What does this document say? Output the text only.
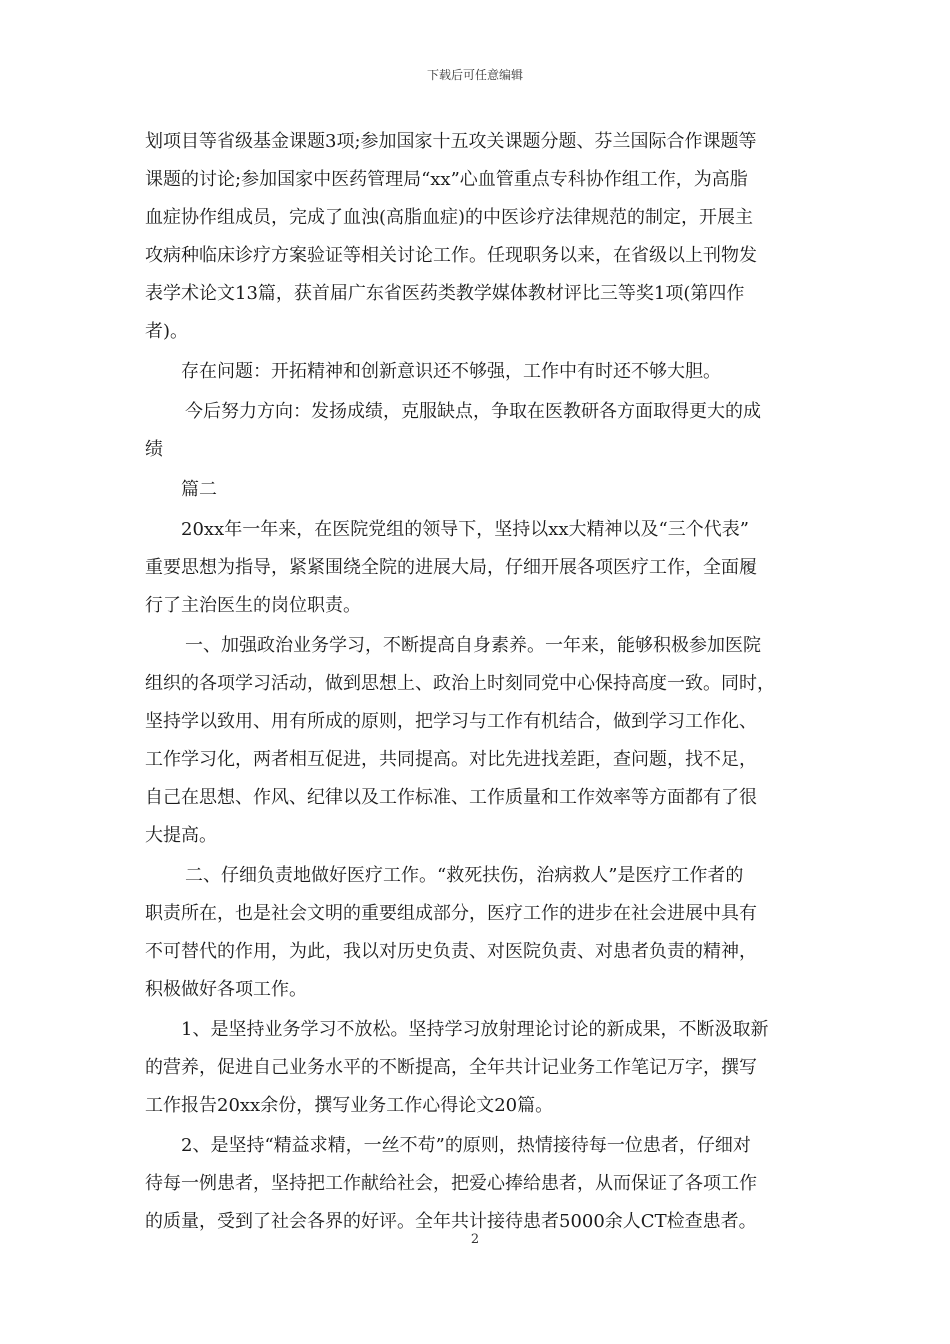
下载后可任意编辑
划项目等省级基金课题3项;参加国家十五攻关课题分题、芬兰国际合作课题等
课题的讨论;参加国家中医药管理局“xx”心血管重点专科协作组工作，为高脂
血症协作组成员，完成了血浊(高脂血症)的中医诊疗法律规范的制定，开展主
攻病种临床诊疗方案验证等相关讨论工作。任现职务以来，在省级以上刊物发
表学术论文13篇，获首届广东省医药类教学媒体教材评比三等奖1项(第四作
者)。
存在问题：开拓精神和创新意识还不够强，工作中有时还不够大胆。
今后努力方向：发扬成绩，克服缺点，争取在医教研各方面取得更大的成
绩
篇二
20xx年一年来，在医院党组的领导下，坚持以xx大精神以及“三个代表”
重要思想为指导，紧紧围绕全院的进展大局，仔细开展各项医疗工作，全面履
行了主治医生的岗位职责。
一、加强政治业务学习，不断提高自身素养。一年来，能够积极参加医院
组织的各项学习活动，做到思想上、政治上时刻同党中心保持高度一致。同时，
坚持学以致用、用有所成的原则，把学习与工作有机结合，做到学习工作化、
工作学习化，两者相互促进，共同提高。对比先进找差距，查问题，找不足，
自己在思想、作风、纪律以及工作标准、工作质量和工作效率等方面都有了很
大提高。
二、仔细负责地做好医疗工作。“救死扶伤，治病救人”是医疗工作者的
职责所在，也是社会文明的重要组成部分，医疗工作的进步在社会进展中具有
不可替代的作用，为此，我以对历史负责、对医院负责、对患者负责的精神，
积极做好各项工作。
1、是坚持业务学习不放松。坚持学习放射理论讨论的新成果，不断汲取新
的营养，促进自己业务水平的不断提高，全年共计记业务工作笔记万字，撰写
工作报告20xx余份，撰写业务工作心得论文20篇。
2、是坚持“精益求精，一丝不苟”的原则，热情接待每一位患者，仔细对
待每一例患者，坚持把工作献给社会，把爱心捧给患者，从而保证了各项工作
的质量，受到了社会各界的好评。全年共计接待患者5000余人CT检查患者。
2
